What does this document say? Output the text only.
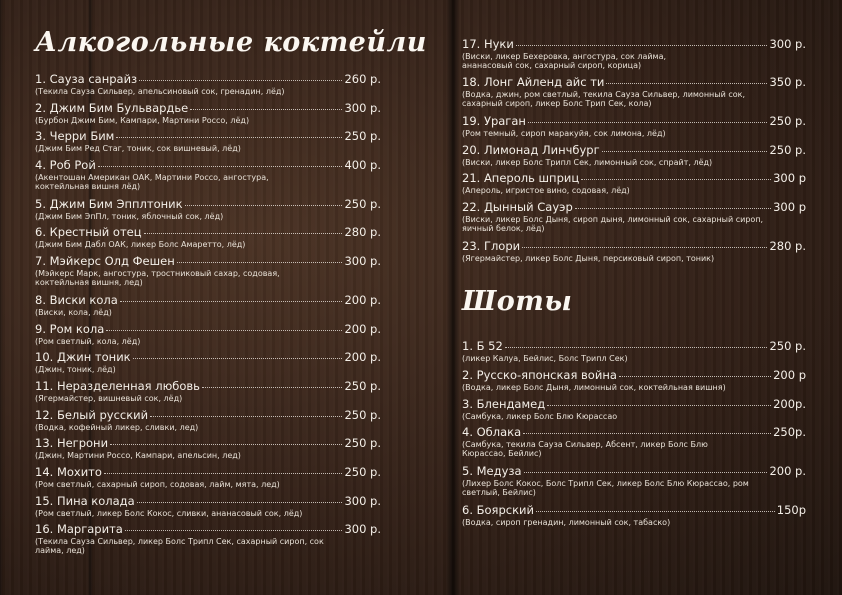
Алкогольные коктейли
1. Сауза санрайз	260 р.
(Текила Сауза Сильвер, апельсиновый сок, гренадин, лёд)
2. Джим Бим Бульвардье	300 р.
(Бурбон Джим Бим, Кампари, Мартини Россо, лёд)
3. Черри Бим	250 р.
(Джим Бим Ред Стаг, тоник, сок вишневый, лёд)
4. Роб Рой	400 р.
(Акентошан Американ ОАК, Мартини Россо, ангостура, коктейльная вишня лёд)
5. Джим Бим Эпплтоник	250 р.
(Джим Бим ЭпПл, тоник, яблочный сок, лёд)
6. Крестный отец	280 р.
(Джим Бим Дабл ОАК, ликер Болс Амаретто, лёд)
7. Мэйкерс Олд Фешен	300 р.
(Мэйкерс Марк, ангостура, тростниковый сахар, содовая, коктейльная вишня, лед)
8. Виски кола	200 р.
(Виски, кола, лёд)
9. Ром кола	200 р.
(Ром светлый, кола, лёд)
10. Джин тоник	200 р.
(Джин, тоник, лёд)
11. Неразделенная любовь	250 р.
(Ягермайстер, вишневый сок, лёд)
12. Белый русский	250 р.
(Водка, кофейный ликер, сливки, лед)
13. Негрони	250 р.
(Джин, Мартини Россо, Кампари, апельсин, лед)
14. Мохито	250 р.
(Ром светлый, сахарный сироп, содовая, лайм, мята, лед)
15. Пина колада	300 р.
(Ром светлый, ликер Болс Кокос, сливки, ананасовый сок, лёд)
16. Маргарита	300 р.
(Текила Сауза Сильвер, ликер Болс Трипл Сек, сахарный сироп, сок лайма, лед)
17. Нуки	300 р.
(Виски, ликер Бехеровка, ангостура, сок лайма, ананасовый сок, сахарный сироп, корица)
18. Лонг Айленд айс ти	350 р.
(Водка, джин, ром светлый, текила Сауза Сильвер, лимонный сок, сахарный сироп, ликер Болс Трип Сек, кола)
19. Ураган	250 р.
(Ром темный, сироп маракуйя, сок лимона, лёд)
20. Лимонад Линчбург	250 р.
(Виски, ликер Болс Трипл Сек, лимонный сок, спрайт, лёд)
21. Апероль шприц	300 р
(Апероль, игристое вино, содовая, лёд)
22. Дынный Сауэр	300 р
(Виски, ликер Болс Дыня, сироп дыня, лимонный сок, сахарный сироп, яичный белок, лёд)
23. Глори	280 р.
(Ягермайстер, ликер Болс Дыня, персиковый сироп, тоник)
Шоты
1. Б 52	250 р.
(ликер Калуа, Бейлис, Болс Трипл Сек)
2. Русско-японская война	200 р
(Водка, ликер Болс Дыня, лимонный сок, коктейльная вишня)
3. Блендамед	200р.
(Самбука, ликер Болс Блю Кюрассао
4. Облака	250р.
(Самбука, текила Сауза Сильвер, Абсент, ликер Болс Блю Кюрассао, Бейлис)
5. Медуза	200 р.
(Лихер Болс Кокос, Болс Трипл Сек, ликер Болс Блю Кюрассао, ром светлый, Бейлис)
6. Боярский	150р
(Водка, сироп гренадин, лимонный сок, табаско)
